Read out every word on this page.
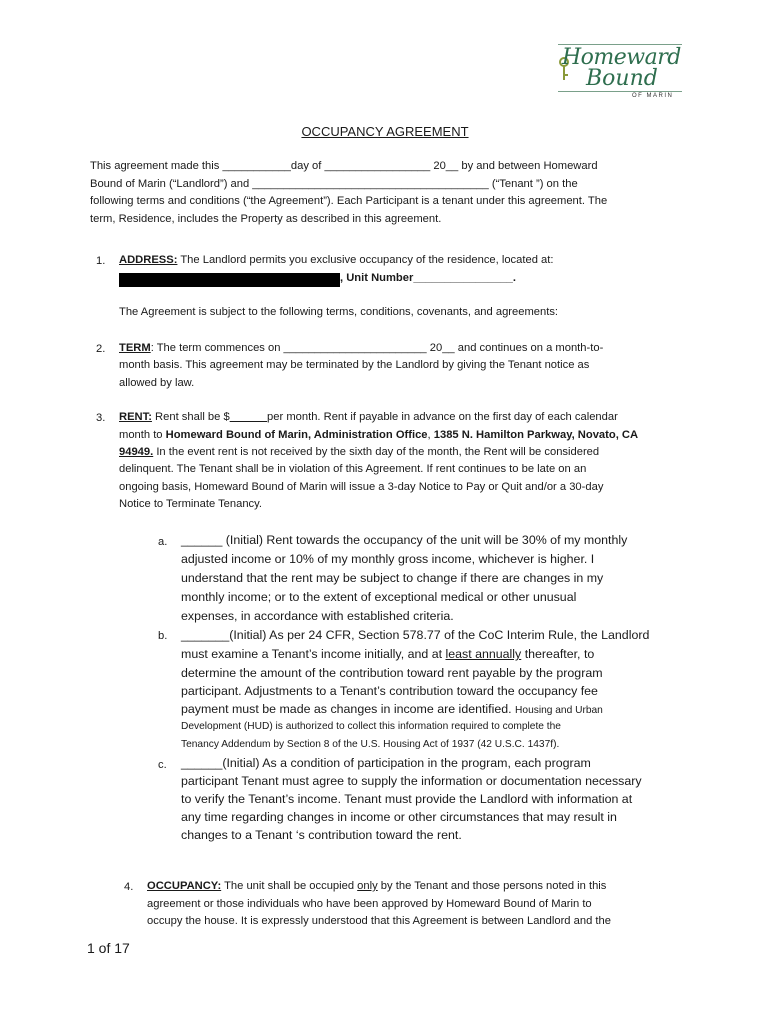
Homeward
Bound
OF MARIN
OCCUPANCY AGREEMENT
This agreement made this ___________day of _________________ 20__ by and between Homeward
Bound of Marin (“Landlord”) and ______________________________________ (“Tenant ”) on the
following terms and conditions (“the Agreement”). Each Participant is a tenant under this agreement. The
term, Residence, includes the Property as described in this agreement.
1. ADDRESS: The Landlord permits you exclusive occupancy of the residence, located at:
, Unit Number________________.
The Agreement is subject to the following terms, conditions, covenants, and agreements:
2. TERM: The term commences on _______________________ 20__ and continues on a month-to-
month basis. This agreement may be terminated by the Landlord by giving the Tenant notice as
allowed by law.
3. RENT: Rent shall be $______per month. Rent if payable in advance on the first day of each calendar
month to Homeward Bound of Marin, Administration Office, 1385 N. Hamilton Parkway, Novato, CA
94949. In the event rent is not received by the sixth day of the month, the Rent will be considered
delinquent. The Tenant shall be in violation of this Agreement. If rent continues to be late on an
ongoing basis, Homeward Bound of Marin will issue a 3-day Notice to Pay or Quit and/or a 30-day
Notice to Terminate Tenancy.
a. ______ (Initial) Rent towards the occupancy of the unit will be 30% of my monthly
adjusted income or 10% of my monthly gross income, whichever is higher. I
understand that the rent may be subject to change if there are changes in my
monthly income; or to the extent of exceptional medical or other unusual
expenses, in accordance with established criteria.
b. _______(Initial) As per 24 CFR, Section 578.77 of the CoC Interim Rule, the Landlord
must examine a Tenant’s income initially, and at least annually thereafter, to
determine the amount of the contribution toward rent payable by the program
participant. Adjustments to a Tenant’s contribution toward the occupancy fee
payment must be made as changes in income are identified. Housing and Urban
Development (HUD) is authorized to collect this information required to complete the
Tenancy Addendum by Section 8 of the U.S. Housing Act of 1937 (42 U.S.C. 1437f).
c. ______(Initial) As a condition of participation in the program, each program
participant Tenant must agree to supply the information or documentation necessary
to verify the Tenant’s income. Tenant must provide the Landlord with information at
any time regarding changes in income or other circumstances that may result in
changes to a Tenant ‘s contribution toward the rent.
4. OCCUPANCY: The unit shall be occupied only by the Tenant and those persons noted in this
agreement or those individuals who have been approved by Homeward Bound of Marin to
occupy the house. It is expressly understood that this Agreement is between Landlord and the
1 of 17
